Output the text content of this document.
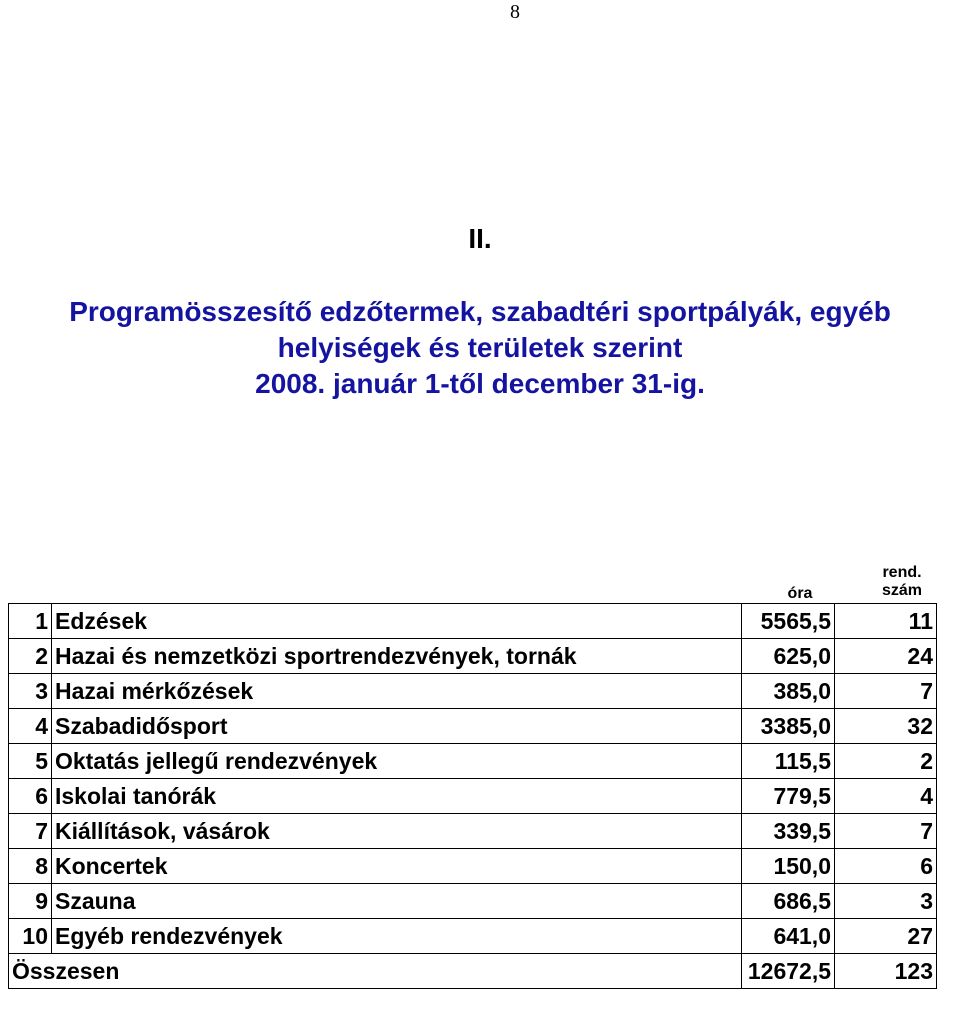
8
II.
Programösszesítő edzőtermek, szabadtéri sportpályák, egyéb
helyiségek és területek szerint
2008. január 1-től december 31-ig.
óra
rend.
szám
1	Edzések	5565,5	11
2	Hazai és nemzetközi sportrendezvények, tornák	625,0	24
3	Hazai mérkőzések	385,0	7
4	Szabadidősport	3385,0	32
5	Oktatás jellegű rendezvények	115,5	2
6	Iskolai tanórák	779,5	4
7	Kiállítások, vásárok	339,5	7
8	Koncertek	150,0	6
9	Szauna	686,5	3
10	Egyéb rendezvények	641,0	27
Összesen		12672,5	123
